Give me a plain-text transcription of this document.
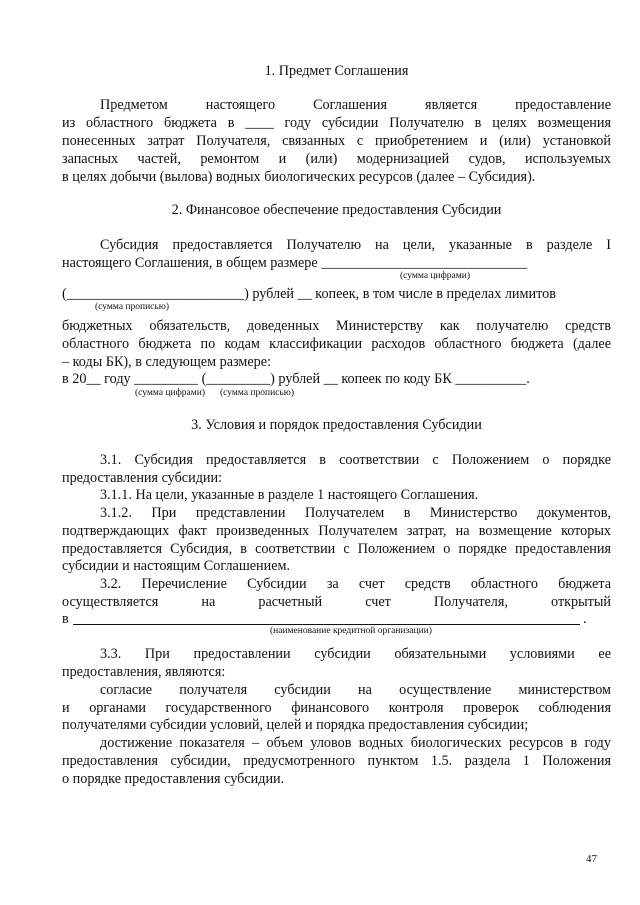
1. Предмет Соглашения
Предметом настоящего Соглашения является предоставление
из областного бюджета в ____ году субсидии Получателю в целях возмещения
понесенных затрат Получателя, связанных с приобретением и (или) установкой
запасных частей, ремонтом и (или) модернизацией судов, используемых
в целях добычи (вылова) водных биологических ресурсов (далее – Субсидия).
2. Финансовое обеспечение предоставления Субсидии
Субсидия предоставляется Получателю на цели, указанные в разделе I
настоящего Соглашения, в общем размере _____________________________
(сумма цифрами)
(_________________________) рублей __ копеек, в том числе в пределах лимитов
(сумма прописью)
бюджетных обязательств, доведенных Министерству как получателю средств
областного бюджета по кодам классификации расходов областного бюджета (далее
– коды БК), в следующем размере:
в 20__ году _________ (_________) рублей __ копеек по коду БК __________.
(сумма цифрами) (сумма прописью)
3. Условия и порядок предоставления Субсидии
3.1. Субсидия предоставляется в соответствии с Положением о порядке
предоставления субсидии:
3.1.1. На цели, указанные в разделе 1 настоящего Соглашения.
3.1.2. При представлении Получателем в Министерство документов,
подтверждающих факт произведенных Получателем затрат, на возмещение которых
предоставляется Субсидия, в соответствии с Положением о порядке предоставления
субсидии и настоящим Соглашением.
3.2. Перечисление Субсидии за счет средств областного бюджета
осуществляется на расчетный счет Получателя, открытый
в	.
(наименование кредитной организации)
3.3. При предоставлении субсидии обязательными условиями ее
предоставления, являются:
согласие получателя субсидии на осуществление министерством
и органами государственного финансового контроля проверок соблюдения
получателями субсидии условий, целей и порядка предоставления субсидии;
достижение показателя – объем уловов водных биологических ресурсов в году
предоставления субсидии, предусмотренного пунктом 1.5. раздела 1 Положения
о порядке предоставления субсидии.
47
